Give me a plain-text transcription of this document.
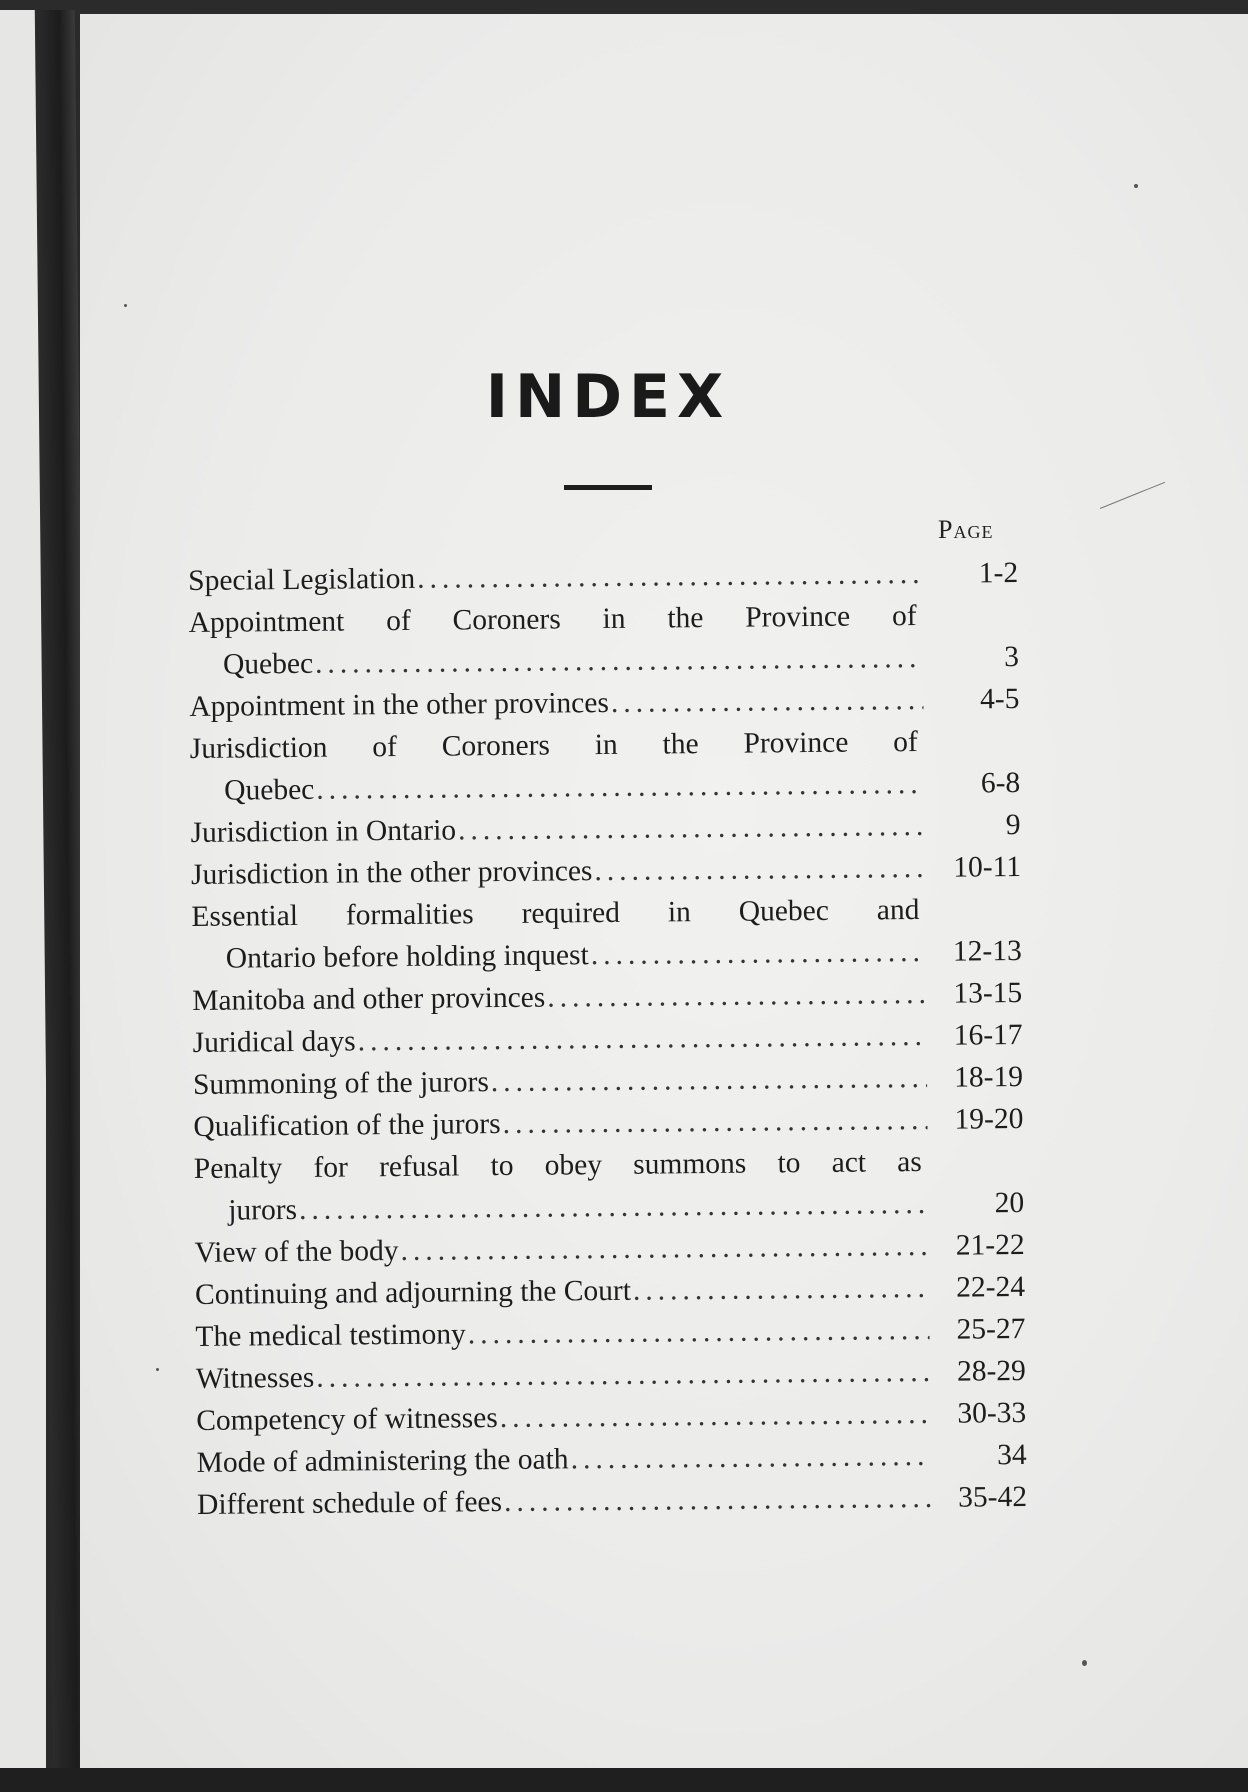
INDEX
Page
Special Legislation .....	1-2
Appointment of Coroners in the Province of
Quebec .....	3
Appointment in the other provinces .....	4-5
Jurisdiction of Coroners in the Province of
Quebec .....	6-8
Jurisdiction in Ontario .....	9
Jurisdiction in the other provinces .....	10-11
Essential formalities required in Quebec and
Ontario before holding inquest .....	12-13
Manitoba and other provinces .....	13-15
Juridical days .....	16-17
Summoning of the jurors .....	18-19
Qualification of the jurors .....	19-20
Penalty for refusal to obey summons to act as
jurors .....	20
View of the body .....	21-22
Continuing and adjourning the Court .....	22-24
The medical testimony .....	25-27
Witnesses .....	28-29
Competency of witnesses .....	30-33
Mode of administering the oath .....	34
Different schedule of fees .....	35-42
